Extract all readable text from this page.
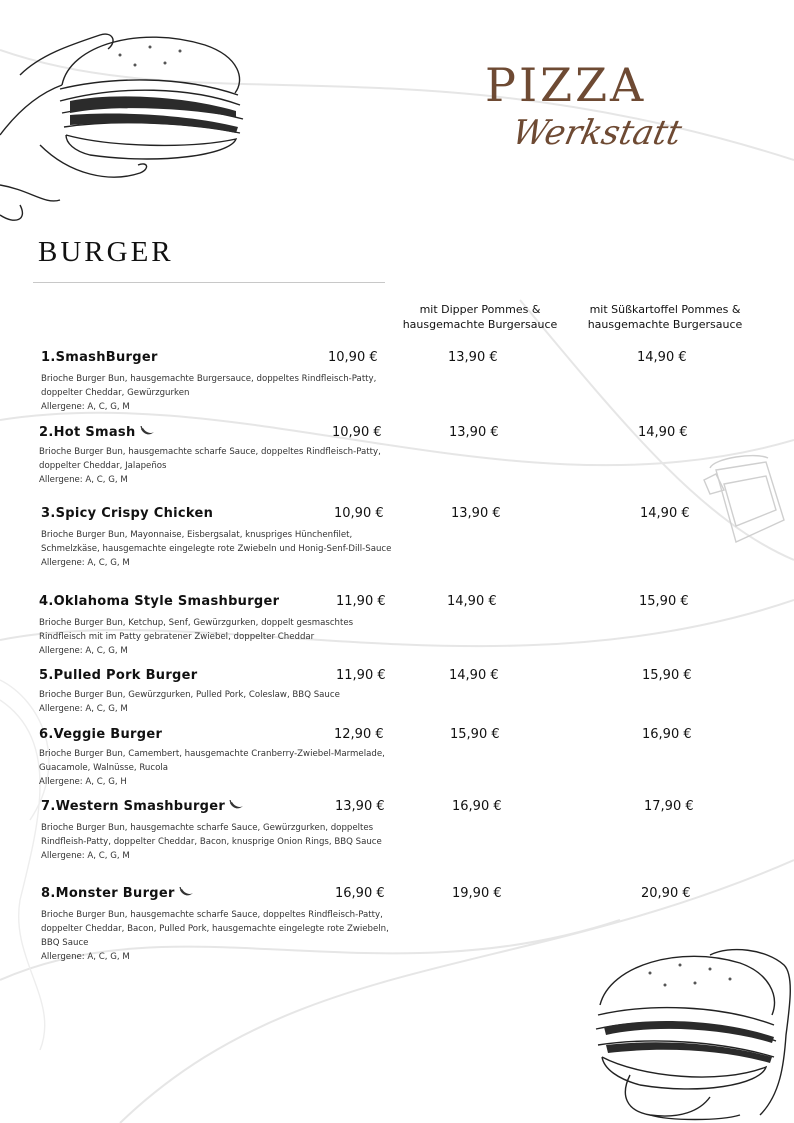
PIZZA
Werkstatt
BURGER
mit Dipper Pommes & hausgemachte Burgersauce
mit Süßkartoffel Pommes & hausgemachte Burgersauce
1.SmashBurger	10,90 €	13,90 €	14,90 €
Brioche Burger Bun, hausgemachte Burgersauce, doppeltes Rindfleisch-Patty, doppelter Cheddar, Gewürzgurken
Allergene: A, C, G, M
2.Hot Smash	10,90 €	13,90 €	14,90 €
Brioche Burger Bun, hausgemachte scharfe Sauce, doppeltes Rindfleisch-Patty, doppelter Cheddar, Jalapeños
Allergene: A, C, G, M
3.Spicy Crispy Chicken	10,90 €	13,90 €	14,90 €
Brioche Burger Bun, Mayonnaise, Eisbergsalat, knuspriges Hünchenfilet, Schmelzkäse, hausgemachte eingelegte rote Zwiebeln und Honig-Senf-Dill-Sauce
Allergene: A, C, G, M
4.Oklahoma Style Smashburger	11,90 €	14,90 €	15,90 €
Brioche Burger Bun, Ketchup, Senf, Gewürzgurken, doppelt gesmaschtes Rindfleisch mit im Patty gebratener Zwiebel, doppelter Cheddar
Allergene: A, C, G, M
5.Pulled Pork Burger	11,90 €	14,90 €	15,90 €
Brioche Burger Bun, Gewürzgurken, Pulled Pork, Coleslaw, BBQ Sauce
Allergene: A, C, G, M
6.Veggie Burger	12,90 €	15,90 €	16,90 €
Brioche Burger Bun, Camembert, hausgemachte Cranberry-Zwiebel-Marmelade, Guacamole, Walnüsse, Rucola
Allergene: A, C, G, H
7.Western Smashburger	13,90 €	16,90 €	17,90 €
Brioche Burger Bun, hausgemachte scharfe Sauce, Gewürzgurken, doppeltes Rindfleish-Patty, doppelter Cheddar, Bacon, knusprige Onion Rings, BBQ Sauce
Allergene: A, C, G, M
8.Monster Burger	16,90 €	19,90 €	20,90 €
Brioche Burger Bun, hausgemachte scharfe Sauce, doppeltes Rindfleisch-Patty, doppelter Cheddar, Bacon, Pulled Pork, hausgemachte eingelegte rote Zwiebeln, BBQ Sauce
Allergene: A, C, G, M
